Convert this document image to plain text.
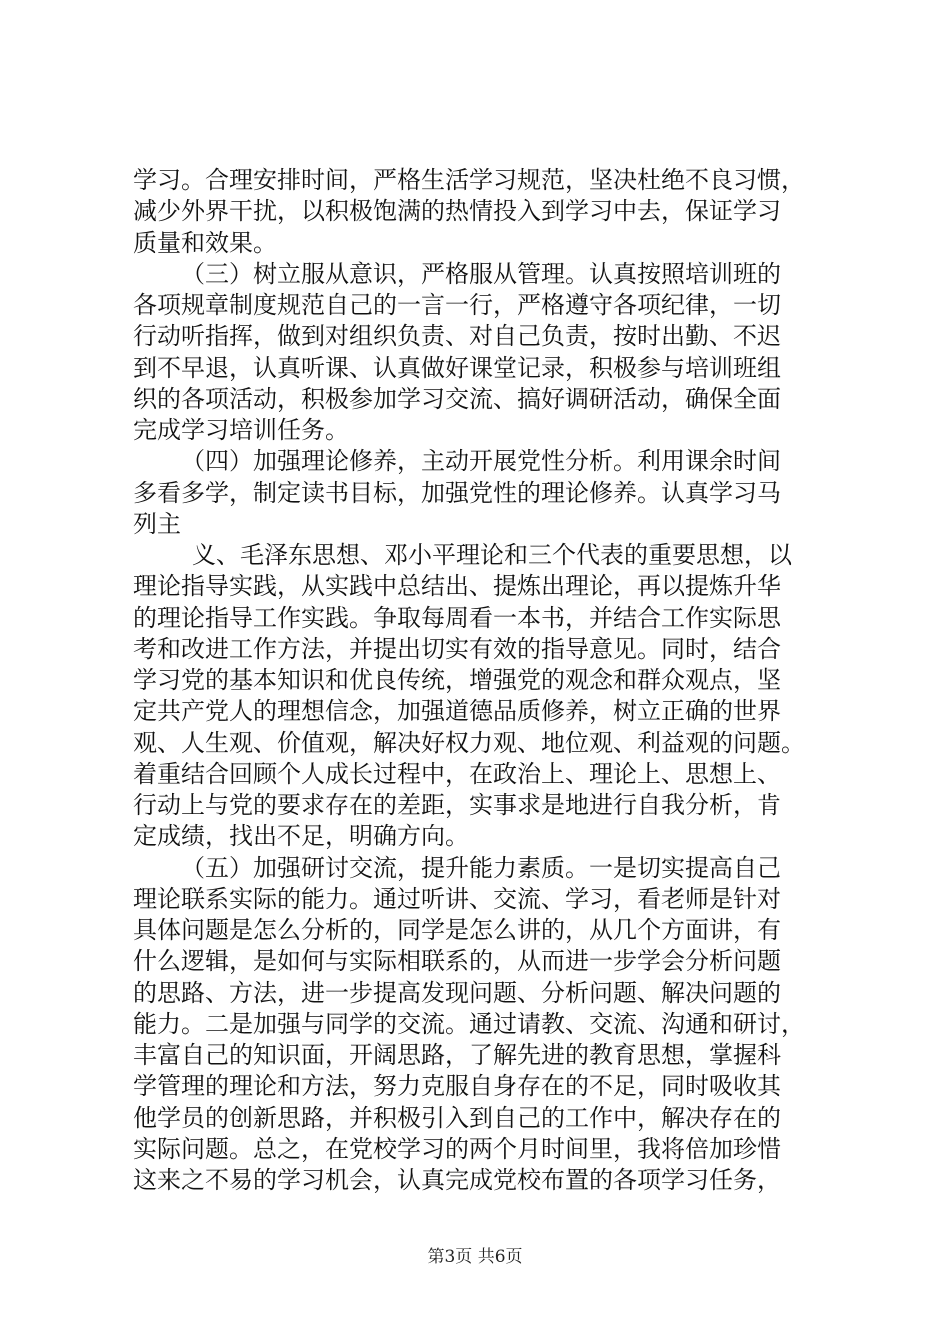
学习。合理安排时间，严格生活学习规范，坚决杜绝不良习惯，
减少外界干扰，以积极饱满的热情投入到学习中去，保证学习
质量和效果。
（三）树立服从意识，严格服从管理。认真按照培训班的
各项规章制度规范自己的一言一行，严格遵守各项纪律，一切
行动听指挥，做到对组织负责、对自己负责，按时出勤、不迟
到不早退，认真听课、认真做好课堂记录，积极参与培训班组
织的各项活动，积极参加学习交流、搞好调研活动，确保全面
完成学习培训任务。
（四）加强理论修养，主动开展党性分析。利用课余时间
多看多学，制定读书目标，加强党性的理论修养。认真学习马
列主
义、毛泽东思想、邓小平理论和三个代表的重要思想，以
理论指导实践，从实践中总结出、提炼出理论，再以提炼升华
的理论指导工作实践。争取每周看一本书，并结合工作实际思
考和改进工作方法，并提出切实有效的指导意见。同时，结合
学习党的基本知识和优良传统，增强党的观念和群众观点，坚
定共产党人的理想信念，加强道德品质修养，树立正确的世界
观、人生观、价值观，解决好权力观、地位观、利益观的问题。
着重结合回顾个人成长过程中，在政治上、理论上、思想上、
行动上与党的要求存在的差距，实事求是地进行自我分析，肯
定成绩，找出不足，明确方向。
（五）加强研讨交流，提升能力素质。一是切实提高自己
理论联系实际的能力。通过听讲、交流、学习，看老师是针对
具体问题是怎么分析的，同学是怎么讲的，从几个方面讲，有
什么逻辑，是如何与实际相联系的，从而进一步学会分析问题
的思路、方法，进一步提高发现问题、分析问题、解决问题的
能力。二是加强与同学的交流。通过请教、交流、沟通和研讨，
丰富自己的知识面，开阔思路，了解先进的教育思想，掌握科
学管理的理论和方法，努力克服自身存在的不足，同时吸收其
他学员的创新思路，并积极引入到自己的工作中，解决存在的
实际问题。总之，在党校学习的两个月时间里，我将倍加珍惜
这来之不易的学习机会，认真完成党校布置的各项学习任务，
第3页 共6页
